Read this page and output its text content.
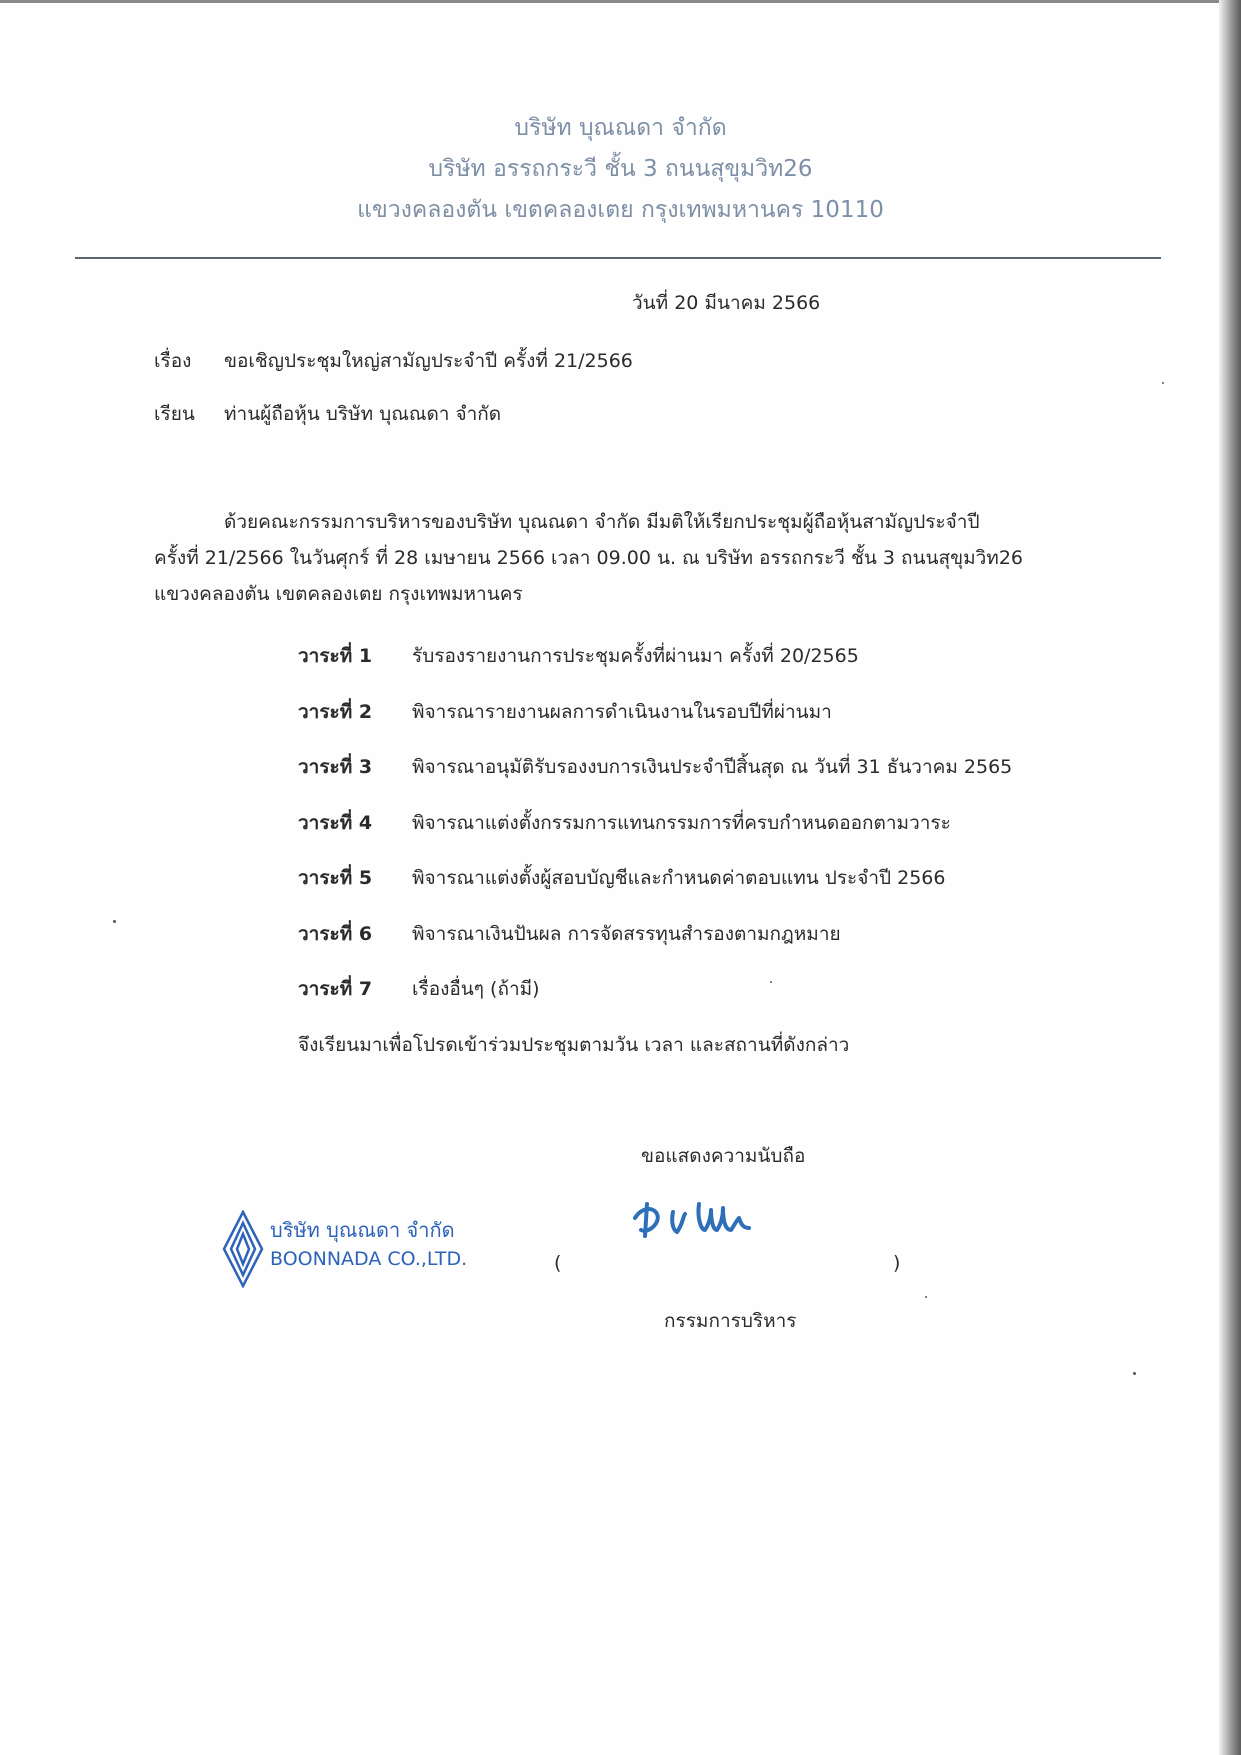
บริษัท บุณณดา จำกัด
บริษัท อรรถกระวี ชั้น 3 ถนนสุขุมวิท26
แขวงคลองตัน เขตคลองเตย กรุงเทพมหานคร 10110
วันที่ 20 มีนาคม 2566
เรื่อง ขอเชิญประชุมใหญ่สามัญประจำปี ครั้งที่ 21/2566
เรียน ท่านผู้ถือหุ้น บริษัท บุณณดา จำกัด
ด้วยคณะกรรมการบริหารของบริษัท บุณณดา จำกัด มีมติให้เรียกประชุมผู้ถือหุ้นสามัญประจำปี
ครั้งที่ 21/2566 ในวันศุกร์ ที่ 28 เมษายน 2566 เวลา 09.00 น. ณ บริษัท อรรถกระวี ชั้น 3 ถนนสุขุมวิท26
แขวงคลองตัน เขตคลองเตย กรุงเทพมหานคร
วาระที่ 1 รับรองรายงานการประชุมครั้งที่ผ่านมา ครั้งที่ 20/2565
วาระที่ 2 พิจารณารายงานผลการดำเนินงานในรอบปีที่ผ่านมา
วาระที่ 3 พิจารณาอนุมัติรับรองงบการเงินประจำปีสิ้นสุด ณ วันที่ 31 ธันวาคม 2565
วาระที่ 4 พิจารณาแต่งตั้งกรรมการแทนกรรมการที่ครบกำหนดออกตามวาระ
วาระที่ 5 พิจารณาแต่งตั้งผู้สอบบัญชีและกำหนดค่าตอบแทน ประจำปี 2566
วาระที่ 6 พิจารณาเงินปันผล การจัดสรรทุนสำรองตามกฎหมาย
วาระที่ 7 เรื่องอื่นๆ (ถ้ามี)
จึงเรียนมาเพื่อโปรดเข้าร่วมประชุมตามวัน เวลา และสถานที่ดังกล่าว
ขอแสดงความนับถือ
(	)
กรรมการบริหาร
บริษัท บุณณดา จำกัด
BOONNADA CO.,LTD.
